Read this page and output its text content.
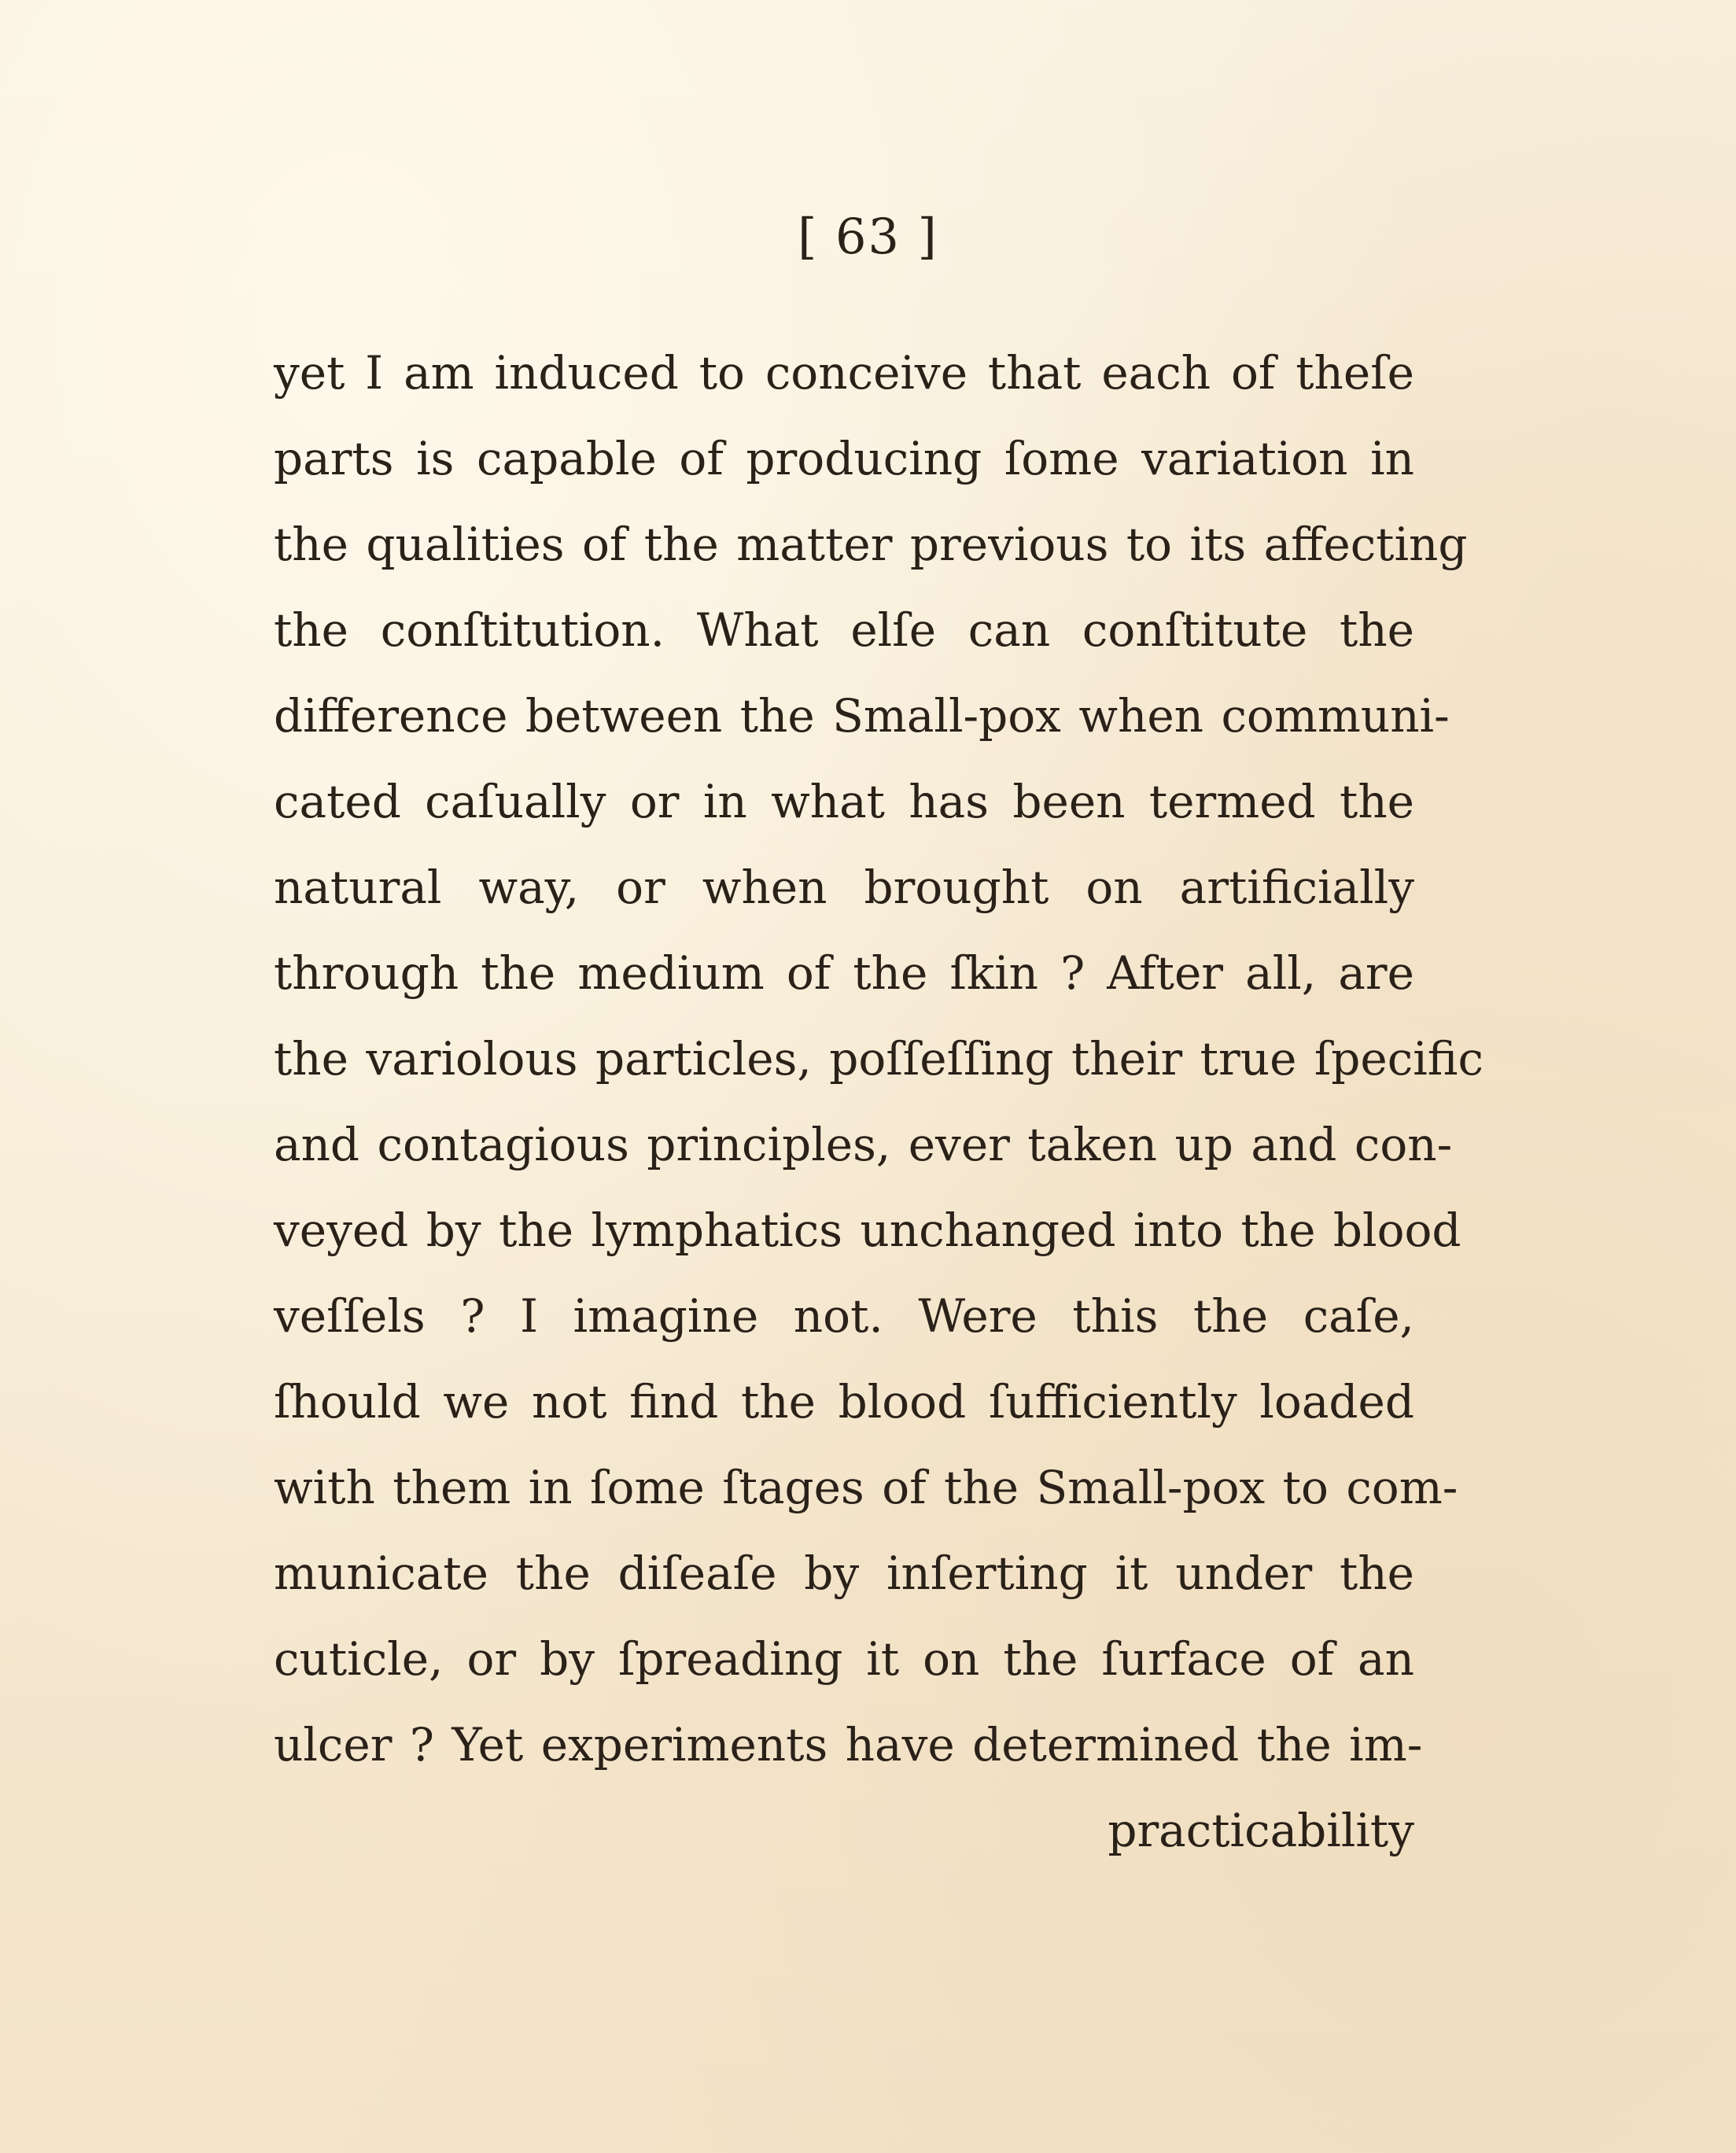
[ 63 ]
yet I am induced to conceive that each of theſe
parts is capable of producing ſome variation in
the qualities of the matter previous to its affecting
the conſtitution. What elſe can conſtitute the
difference between the Small-pox when communi-
cated caſually or in what has been termed the
natural way, or when brought on artificially
through the medium of the ſkin ? After all, are
the variolous particles, poſſeſſing their true ſpecific
and contagious principles, ever taken up and con-
veyed by the lymphatics unchanged into the blood
veſſels ? I imagine not. Were this the caſe,
ſhould we not find the blood ſufficiently loaded
with them in ſome ſtages of the Small-pox to com-
municate the diſeaſe by inſerting it under the
cuticle, or by ſpreading it on the ſurface of an
ulcer ? Yet experiments have determined the im-
practicability
